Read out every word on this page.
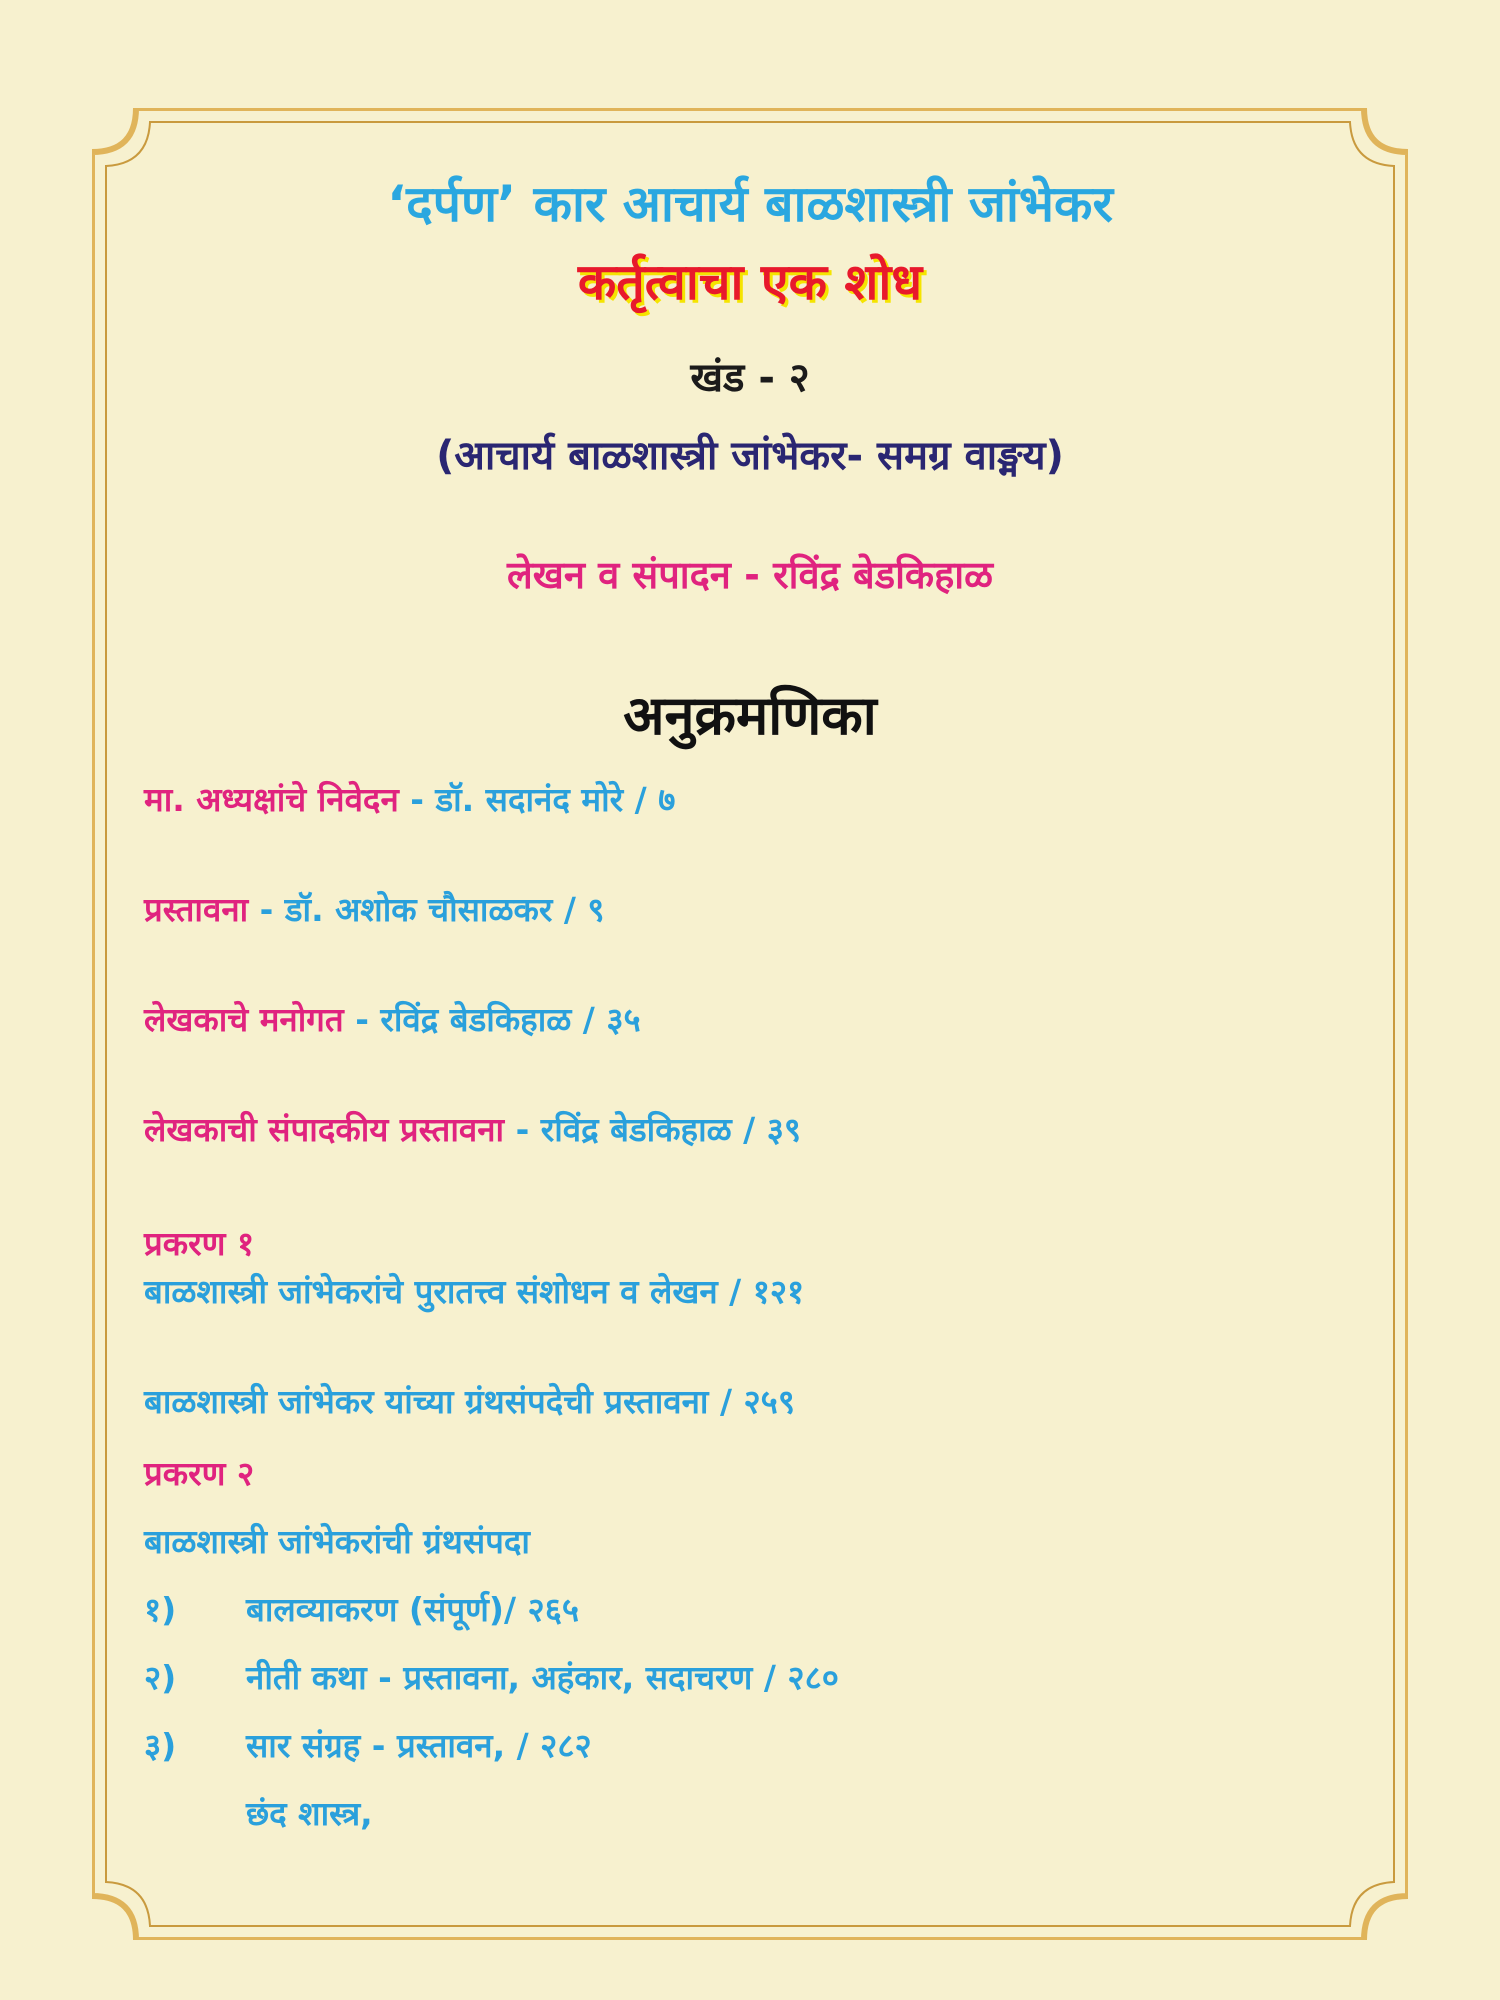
‘दर्पण’ कार आचार्य बाळशास्त्री जांभेकर
कर्तृत्वाचा एक शोध
खंड - २
(आचार्य बाळशास्त्री जांभेकर- समग्र वाङ्मय)
लेखन व संपादन - रविंद्र बेडकिहाळ
अनुक्रमणिका
मा. अध्यक्षांचे निवेदन - डॉ. सदानंद मोरे / ७
प्रस्तावना - डॉ. अशोक चौसाळकर / ९
लेखकाचे मनोगत - रविंद्र बेडकिहाळ / ३५
लेखकाची संपादकीय प्रस्तावना - रविंद्र बेडकिहाळ / ३९
प्रकरण १
बाळशास्त्री जांभेकरांचे पुरातत्त्व संशोधन व लेखन / १२१
बाळशास्त्री जांभेकर यांच्या ग्रंथसंपदेची प्रस्तावना / २५९
प्रकरण २
बाळशास्त्री जांभेकरांची ग्रंथसंपदा
१) बालव्याकरण (संपूर्ण)/ २६५
२) नीती कथा - प्रस्तावना, अहंकार, सदाचरण / २८०
३) सार संग्रह - प्रस्तावन, / २८२
छंद शास्त्र,
